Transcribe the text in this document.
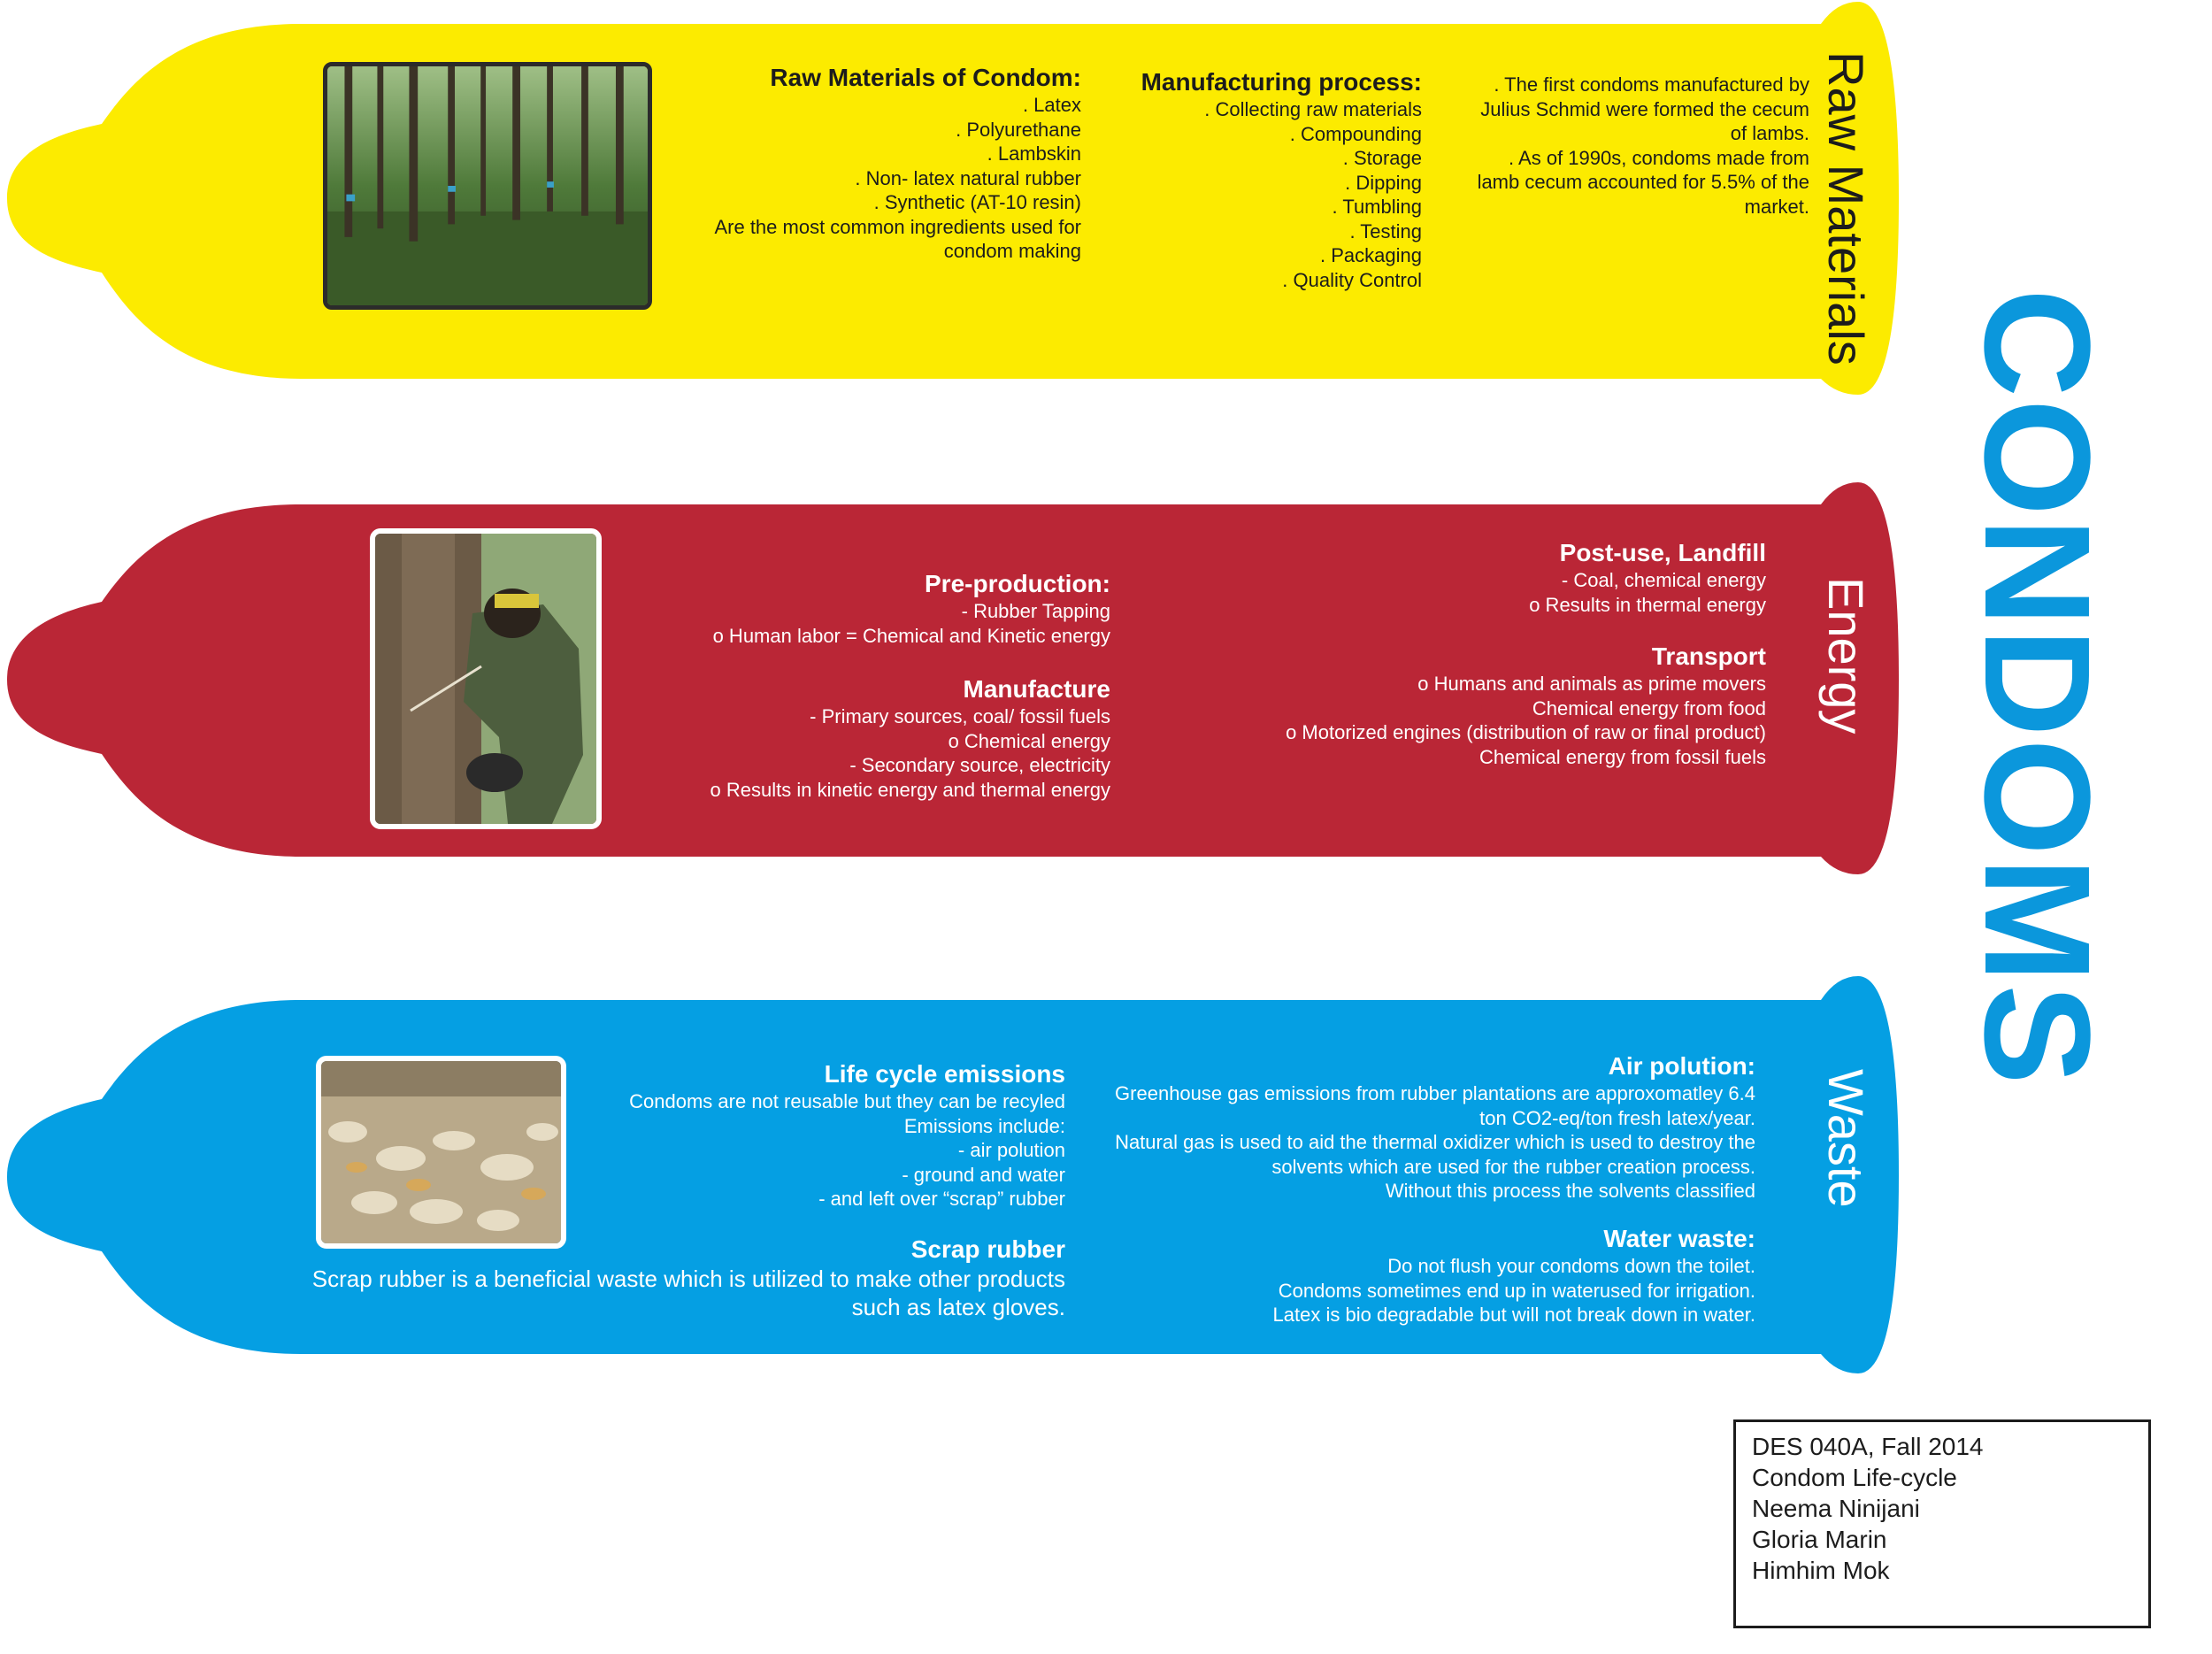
Raw Materials of Condom:
. Latex
. Polyurethane
. Lambskin
. Non- latex natural rubber
. Synthetic (AT-10 resin)
Are the most common ingredients used for
condom making
Manufacturing process:
. Collecting raw materials
. Compounding
. Storage
. Dipping
. Tumbling
. Testing
. Packaging
. Quality Control
. The first condoms manufactured by
Julius Schmid were formed the cecum
of lambs.
. As of 1990s, condoms made from
lamb cecum accounted for 5.5% of the
market.
Pre-production:
- Rubber Tapping
o Human labor = Chemical and Kinetic energy
Manufacture
- Primary sources, coal/ fossil fuels
o Chemical energy
- Secondary source, electricity
o Results in kinetic energy and thermal energy
Post-use, Landfill
- Coal, chemical energy
o Results in thermal energy
Transport
o Humans and animals as prime movers
Chemical energy from food
o Motorized engines (distribution of raw or final product)
Chemical energy from fossil fuels
Life cycle emissions
Condoms are not reusable but they can be recyled
Emissions include:
- air polution
- ground and water
- and left over “scrap” rubber
Scrap rubber
Scrap rubber is a beneficial waste which is utilized to make other products
such as latex gloves.
Air polution:
Greenhouse gas emissions from rubber plantations are approxomatley 6.4
ton CO2-eq/ton fresh latex/year.
Natural gas is used to aid the thermal oxidizer which is used to destroy the
solvents which are used for the rubber creation process.
Without this process the solvents classified
Water waste:
Do not flush your condoms down the toilet.
Condoms sometimes end up in waterused for irrigation.
Latex is bio degradable but will not break down in water.
Raw Materials
Energy
Waste
CONDOMS
DES 040A, Fall 2014
Condom Life-cycle
Neema Ninijani
Gloria Marin
Himhim Mok
